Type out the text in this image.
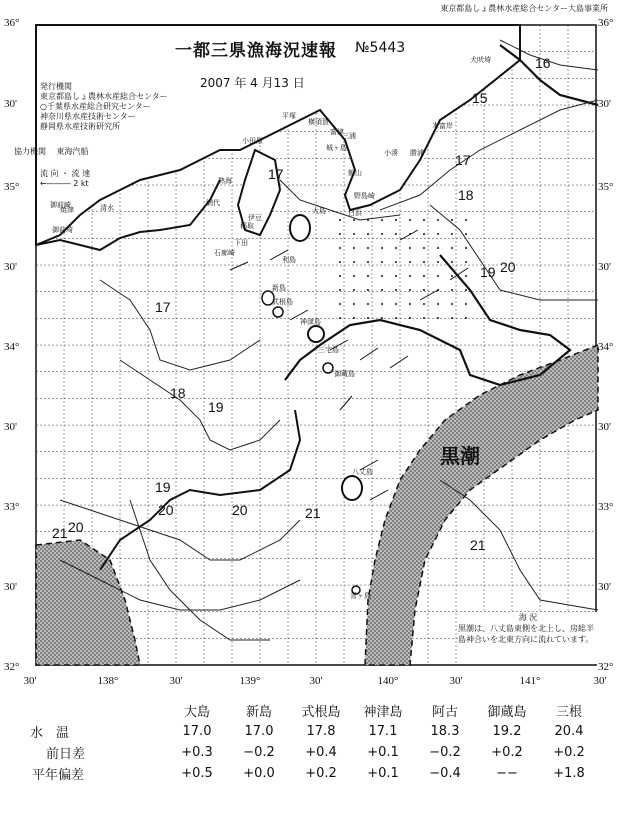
36°
30'
35°
30'
34°
30'
33°
30'
32°
36°
30'
35°
30'
34°
30'
33°
30'
32°
30'	138°	30'	139°	30'	140°	30'	141°	30'
16
15
17
17
18
19 20
17
18
19
19
20	20	21
21
21
20
犬吠埼
本富岸
小湊 勝浦
平塚
横須賀
富津
館山
野島崎
白浜
小田原
伊豆
熱海
網代
稲取
下田
石廊崎
御前崎
大島
利島
新島
式根島
神津島
三宅島
御蔵島
八丈島
青ヶ島
三浦
城ヶ島
焼津	清水
御前埼
東京都島しょ農林水産総合センター大島事業所
一都三県漁海況速報 №5443
2007 年 4 月13 日
発行機関
東京都島しょ農林水産総合センター
○千葉県水産総合研究センター
神奈川県水産技術センター
静岡県水産技術研究所
協力機関 東海汽船
流 向 ・ 流 速
←――― 2 kt
黒潮
海 況
黒潮は、八丈島東側を北上し、房総半島神合いを北東方向に流れています。
	大島	新島	式根島	神津島	阿古	御蔵島	三根
水　温	17.0	17.0	17.8	17.1	18.3	19.2	20.4
前日差	+0.3	−0.2	+0.4	+0.1	−0.2	+0.2	+0.2
平年偏差	+0.5	+0.0	+0.2	+0.1	−0.4	−−	+1.8
